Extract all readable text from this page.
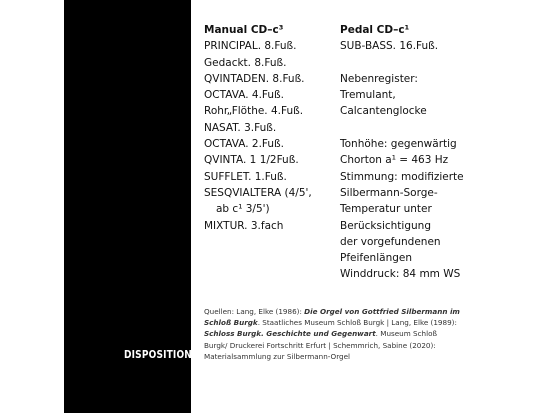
DISPOSITION
Manual CD–c³
PRINCIPAL. 8.Fuß.
Gedackt. 8.Fuß.
QVINTADEN. 8.Fuß.
OCTAVA. 4.Fuß.
Rohr„Flöthe. 4.Fuß.
NASAT. 3.Fuß.
OCTAVA. 2.Fuß.
QVINTA. 1 1/2Fuß.
SUFFLET. 1.Fuß.
SESQVIALTERA (4/5',
ab c¹ 3/5')
MIXTUR. 3.fach
Pedal CD–c¹
SUB-BASS. 16.Fuß.
Nebenregister:
Tremulant,
Calcantenglocke
Tonhöhe: gegenwärtig
Chorton a¹ = 463 Hz
Stimmung: modifizierte
Silbermann-Sorge-
Temperatur unter
Berücksichtigung
der vorgefundenen
Pfeifenlängen
Winddruck: 84 mm WS
Quellen: Lang, Elke (1986): Die Orgel von Gottfried Silbermann im Schloß Burgk. Staatliches Museum Schloß Burgk | Lang, Elke (1989): Schloss Burgk. Geschichte und Gegenwart. Museum Schloß Burgk/ Druckerei Fortschritt Erfurt | Schemmrich, Sabine (2020): Materialsammlung zur Silbermann-Orgel
